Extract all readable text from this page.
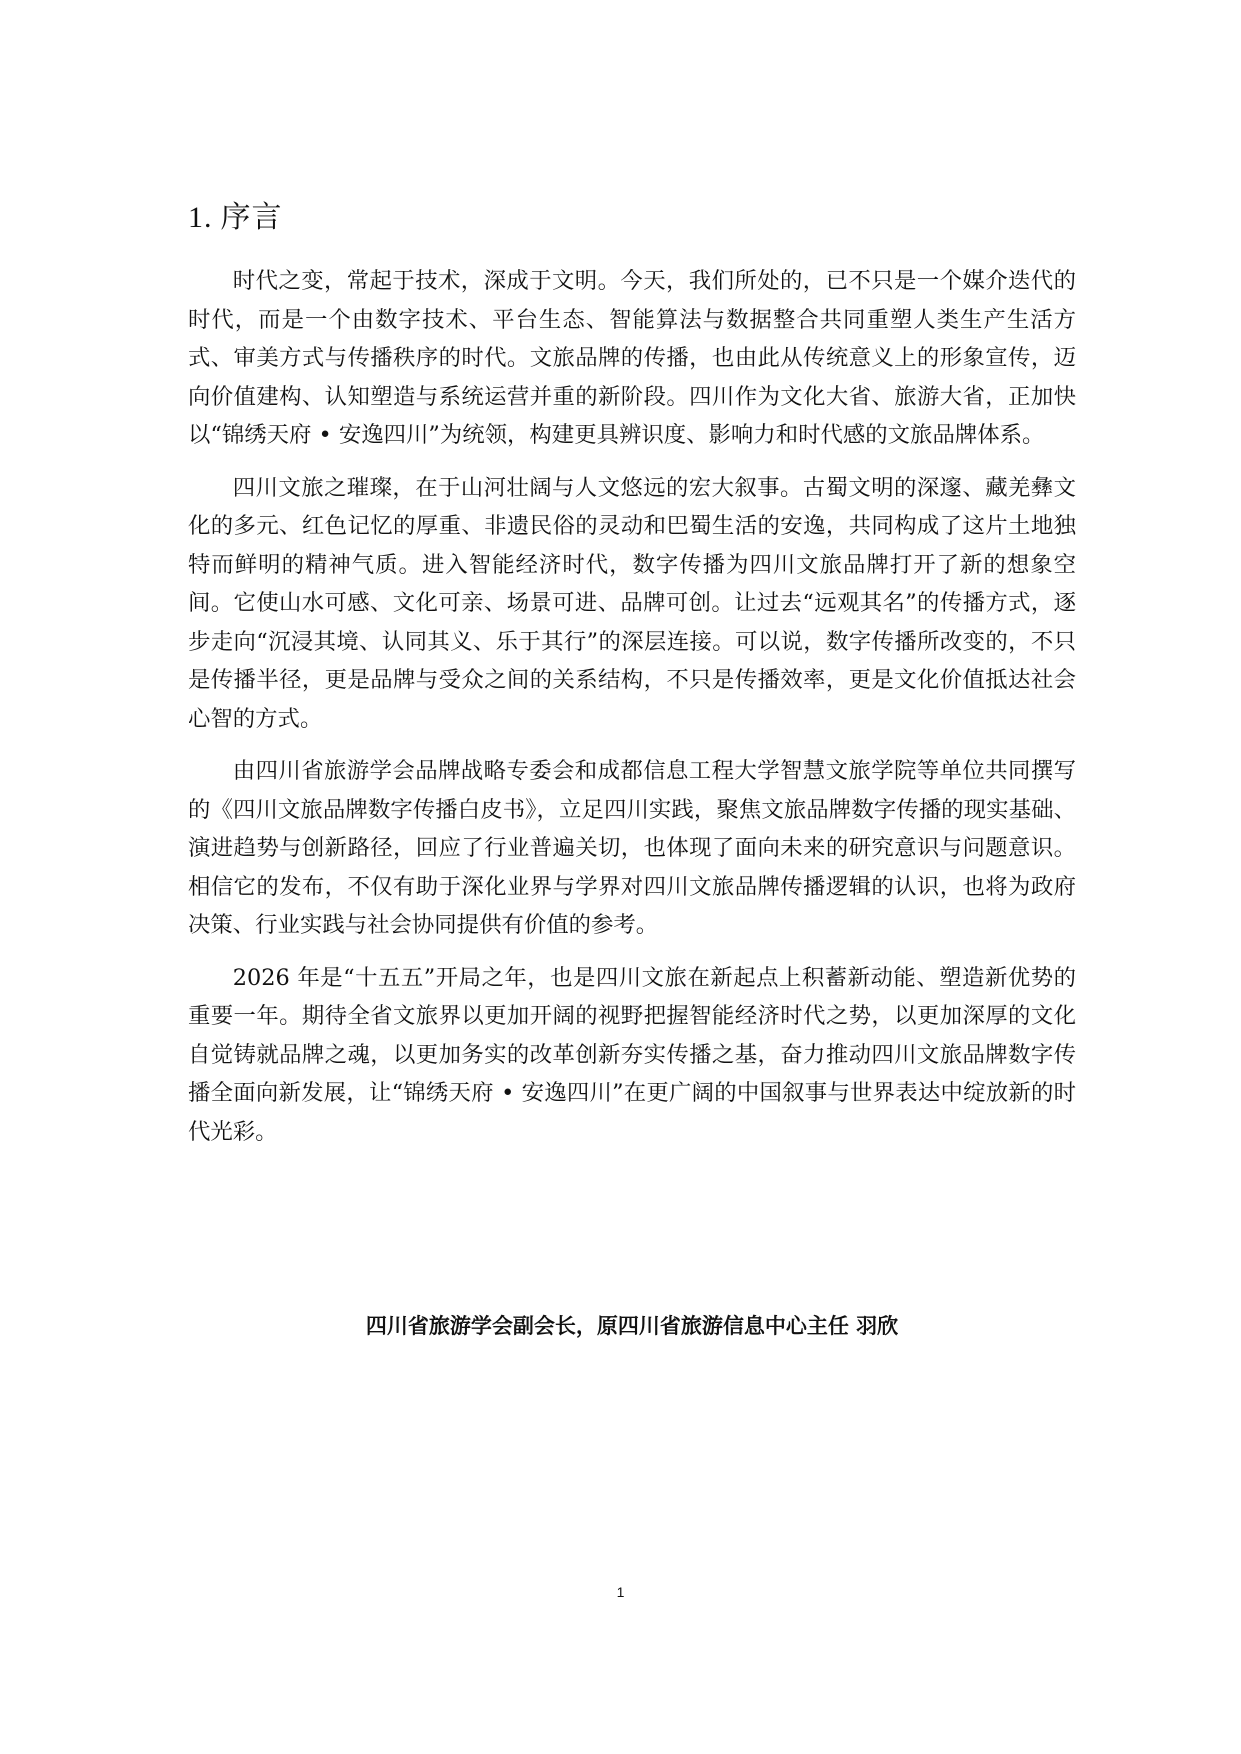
1. 序言

时代之变，常起于技术，深成于文明。今天，我们所处的，已不只是一个媒介迭代的时代，而是一个由数字技术、平台生态、智能算法与数据整合共同重塑人类生产生活方式、审美方式与传播秩序的时代。文旅品牌的传播，也由此从传统意义上的形象宣传，迈向价值建构、认知塑造与系统运营并重的新阶段。四川作为文化大省、旅游大省，正加快以“锦绣天府 • 安逸四川”为统领，构建更具辨识度、影响力和时代感的文旅品牌体系。

四川文旅之璀璨，在于山河壮阔与人文悠远的宏大叙事。古蜀文明的深邃、藏羌彝文化的多元、红色记忆的厚重、非遗民俗的灵动和巴蜀生活的安逸，共同构成了这片土地独特而鲜明的精神气质。进入智能经济时代，数字传播为四川文旅品牌打开了新的想象空间。它使山水可感、文化可亲、场景可进、品牌可创。让过去“远观其名”的传播方式，逐步走向“沉浸其境、认同其义、乐于其行”的深层连接。可以说，数字传播所改变的，不只是传播半径，更是品牌与受众之间的关系结构，不只是传播效率，更是文化价值抵达社会心智的方式。

由四川省旅游学会品牌战略专委会和成都信息工程大学智慧文旅学院等单位共同撰写的《四川文旅品牌数字传播白皮书》，立足四川实践，聚焦文旅品牌数字传播的现实基础、演进趋势与创新路径，回应了行业普遍关切，也体现了面向未来的研究意识与问题意识。相信它的发布，不仅有助于深化业界与学界对四川文旅品牌传播逻辑的认识，也将为政府决策、行业实践与社会协同提供有价值的参考。

2026 年是“十五五”开局之年，也是四川文旅在新起点上积蓄新动能、塑造新优势的重要一年。期待全省文旅界以更加开阔的视野把握智能经济时代之势，以更加深厚的文化自觉铸就品牌之魂，以更加务实的改革创新夯实传播之基，奋力推动四川文旅品牌数字传播全面向新发展，让“锦绣天府 • 安逸四川”在更广阔的中国叙事与世界表达中绽放新的时代光彩。

四川省旅游学会副会长，原四川省旅游信息中心主任 羽欣

1
